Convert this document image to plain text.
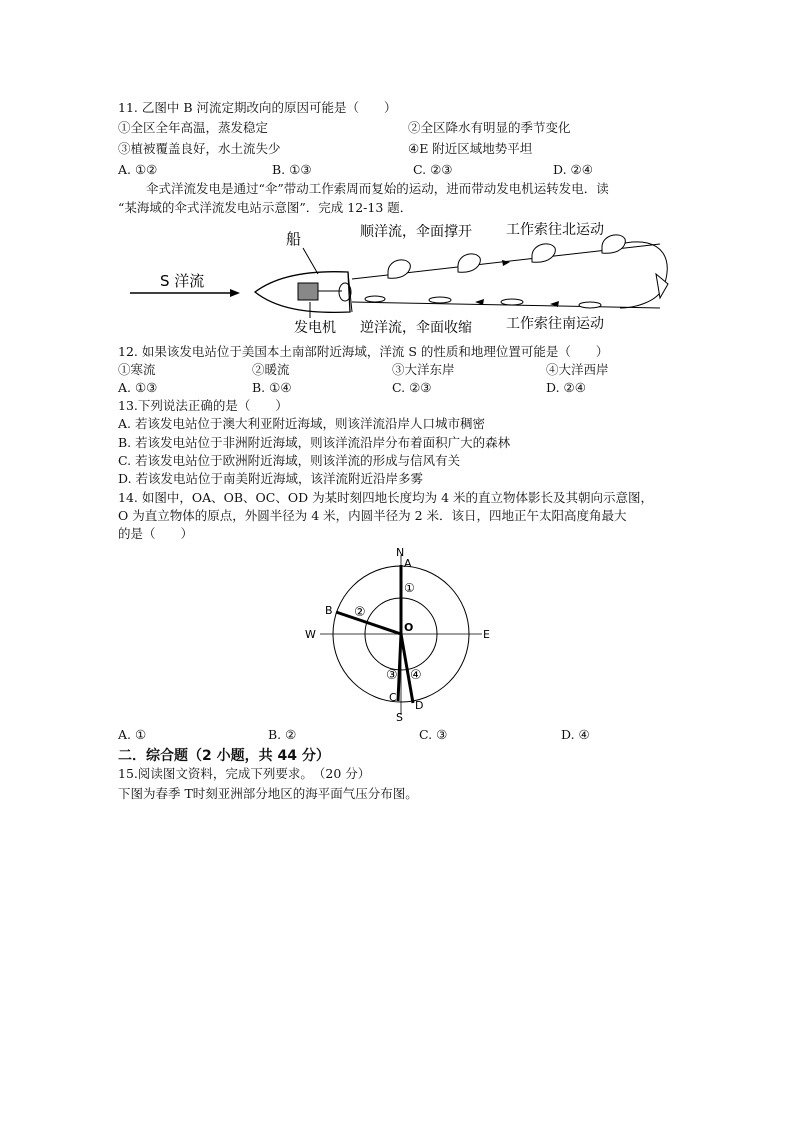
11. 乙图中 B 河流定期改向的原因可能是（　　）
①全区全年高温，蒸发稳定	②全区降水有明显的季节变化
③植被覆盖良好，水土流失少	④E 附近区域地势平坦
A. ①②	B. ①③	C. ②③	D. ②④
伞式洋流发电是通过“伞”带动工作索周而复始的运动，进而带动发电机运转发电．读
“某海域的伞式洋流发电站示意图”．完成 12-13 题．
S 洋流
船
发电机
顺洋流，伞面撑开 工作索往北运动
逆洋流，伞面收缩 工作索往南运动
12. 如果该发电站位于美国本土南部附近海域，洋流 S 的性质和地理位置可能是（　　）
①寒流	②暖流	③大洋东岸	④大洋西岸
A. ①③	B. ①④	C. ②③	D. ②④
13.下列说法正确的是（　　）
A. 若该发电站位于澳大利亚附近海域，则该洋流沿岸人口城市稠密
B. 若该发电站位于非洲附近海域，则该洋流沿岸分布着面积广大的森林
C. 若该发电站位于欧洲附近海域，则该洋流的形成与信风有关
D. 若该发电站位于南美附近海域，该洋流附近沿岸多雾
14. 如图中，OA、OB、OC、OD 为某时刻四地长度均为 4 米的直立物体影长及其朝向示意图，
O 为直立物体的原点，外圆半径为 4 米，内圆半径为 2 米．该日，四地正午太阳高度角最大
的是（　　）
N
S
W	E
A
B
C
D
O
①
②
③ ④
A. ①	B. ②	C. ③	D. ④
二．综合题（2 小题，共 44 分）
15.阅读图文资料，完成下列要求。　（20 分）
下图为春季 T时刻亚洲部分地区的海平面气压分布图。
